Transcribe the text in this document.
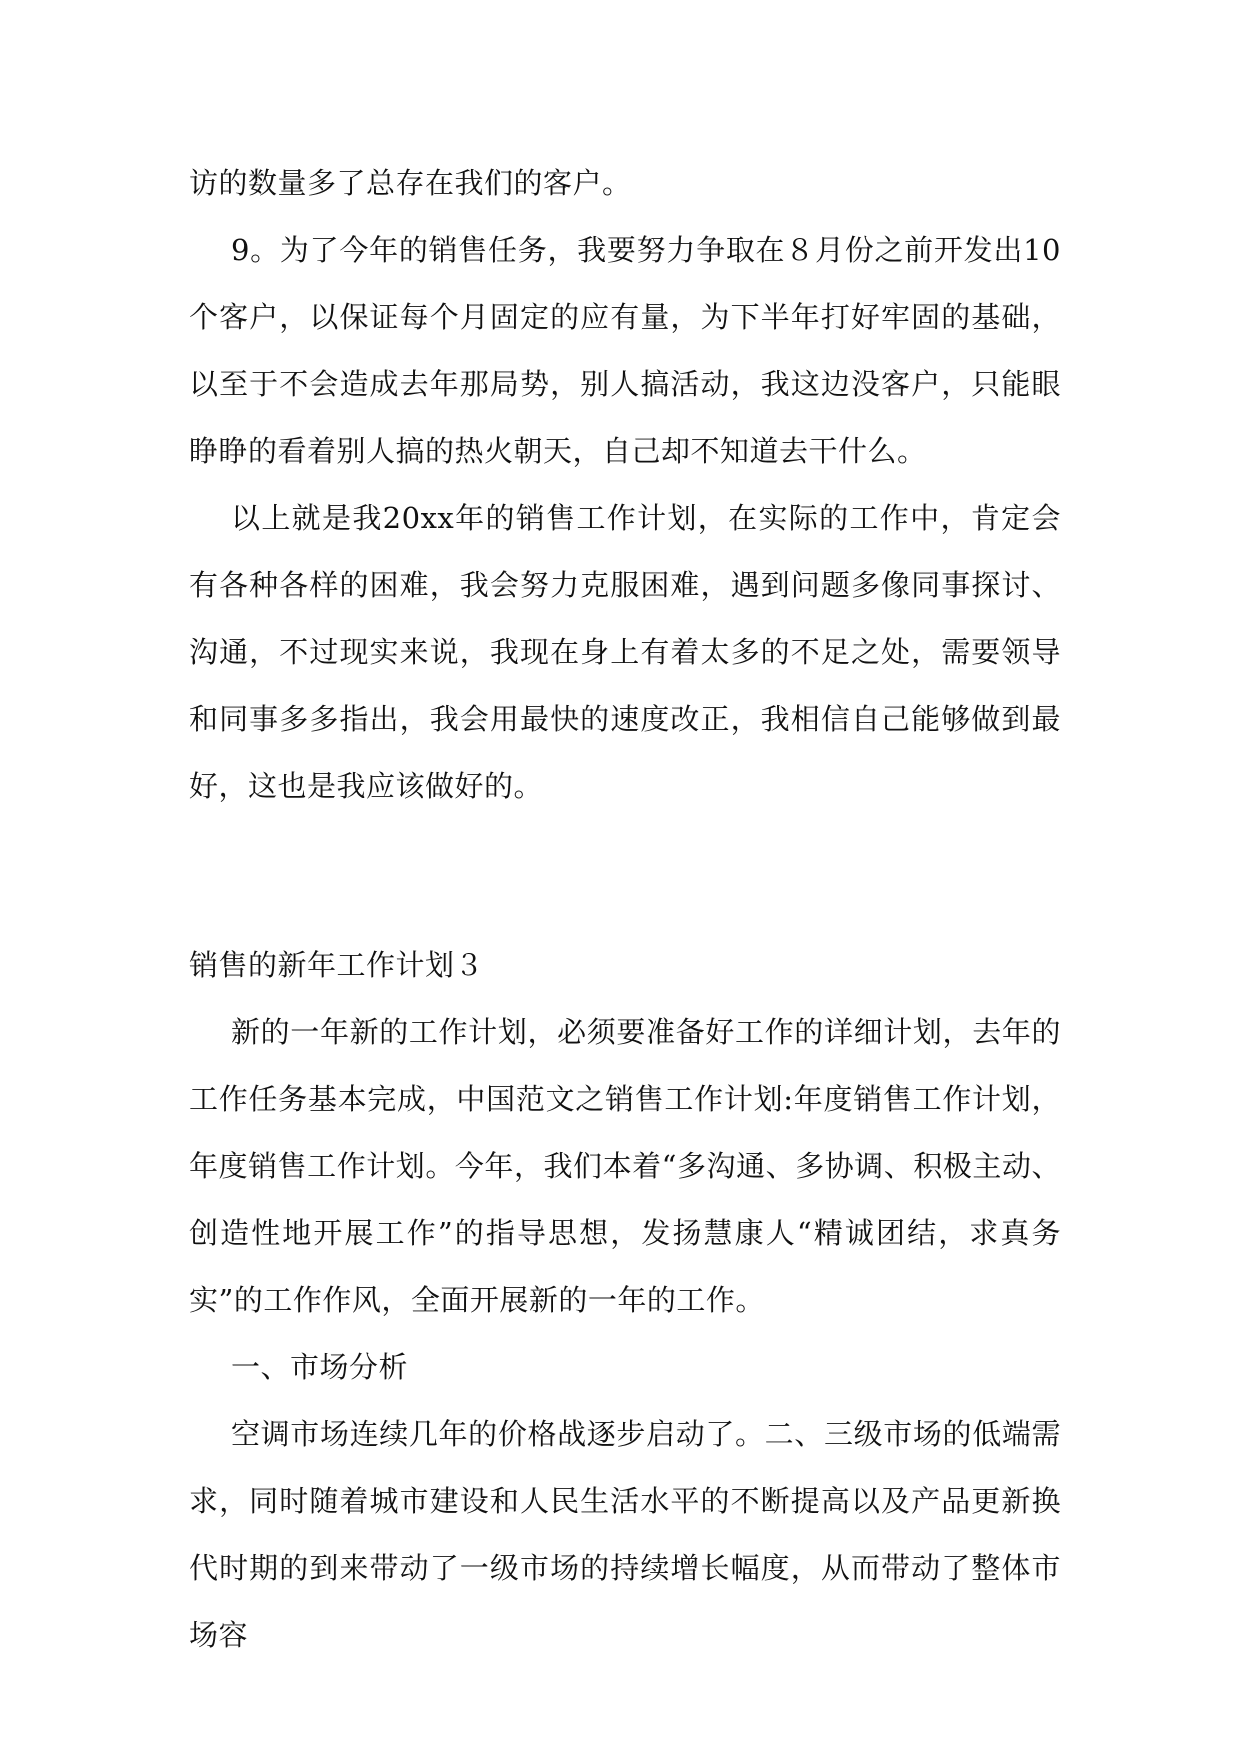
访的数量多了总存在我们的客户。

9。为了今年的销售任务，我要努力争取在８月份之前开发出10个客户，以保证每个月固定的应有量，为下半年打好牢固的基础，以至于不会造成去年那局势，别人搞活动，我这边没客户，只能眼睁睁的看着别人搞的热火朝天，自己却不知道去干什么。

以上就是我20xx年的销售工作计划，在实际的工作中，肯定会有各种各样的困难，我会努力克服困难，遇到问题多像同事探讨、沟通，不过现实来说，我现在身上有着太多的不足之处，需要领导和同事多多指出，我会用最快的速度改正，我相信自己能够做到最好，这也是我应该做好的。

销售的新年工作计划３

新的一年新的工作计划，必须要准备好工作的详细计划，去年的工作任务基本完成，中国范文之销售工作计划:年度销售工作计划，年度销售工作计划。今年，我们本着“多沟通、多协调、积极主动、创造性地开展工作”的指导思想，发扬慧康人“精诚团结，求真务实”的工作作风，全面开展新的一年的工作。

一、市场分析

空调市场连续几年的价格战逐步启动了。二、三级市场的低端需求，同时随着城市建设和人民生活水平的不断提高以及产品更新换代时期的到来带动了一级市场的持续增长幅度，从而带动了整体市场容
